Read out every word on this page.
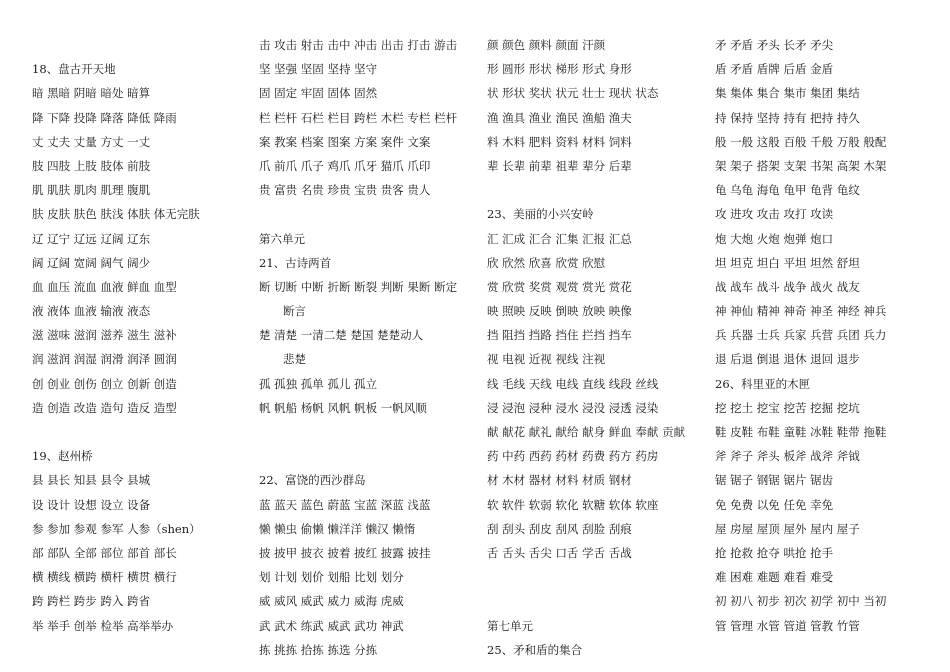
18、盘古开天地
暗 黑暗 阴暗 暗处 暗算
降 下降 投降 降落 降低 降雨
丈 丈夫 丈量 方丈 一丈
肢 四肢 上肢 肢体 前肢
肌 肌肤 肌肉 肌理 腹肌
肤 皮肤 肤色 肤浅 体肤 体无完肤
辽 辽宁 辽远 辽阔 辽东
阔 辽阔 宽阔 阔气 阔少
血 血压 流血 血液 鲜血 血型
液 液体 血液 输液 液态
滋 滋味 滋润 滋养 滋生 滋补
润 滋润 润湿 润滑 润泽 圆润
创 创业 创伤 创立 创新 创造
造 创造 改造 造句 造反 造型
19、赵州桥
县 县长 知县 县令 县城
设 设计 设想 设立 设备
参 参加 参观 参军 人参（shen）
部 部队 全部 部位 部首 部长
横 横线 横跨 横杆 横贯 横行
跨 跨栏 跨步 跨入 跨省
举 举手 创举 检举 高举举办
击 攻击 射击 击中 冲击 出击 打击 游击
坚 坚强 坚固 坚持 坚守
固 固定 牢固 固体 固然
栏 栏杆 石栏 栏目 跨栏 木栏 专栏 栏杆
案 教案 档案 图案 方案 案件 文案
爪 前爪 爪子 鸡爪 爪牙 猫爪 爪印
贵 富贵 名贵 珍贵 宝贵 贵客 贵人
第六单元
21、古诗两首
断 切断 中断 折断 断裂 判断 果断 断定
断言
楚 清楚 一清二楚 楚国 楚楚动人
悲楚
孤 孤独 孤单 孤儿 孤立
帆 帆船 杨帆 风帆 帆板 一帆风顺
22、富饶的西沙群岛
蓝 蓝天 蓝色 蔚蓝 宝蓝 深蓝 浅蓝
懒 懒虫 偷懒 懒洋洋 懒汉 懒惰
披 披甲 披衣 披着 披红 披露 披挂
划 计划 划价 划船 比划 划分
威 威风 威武 威力 威海 虎威
武 武术 练武 威武 武功 神武
拣 挑拣 拾拣 拣选 分拣
颜 颜色 颜料 颜面 汗颜
形 圆形 形状 梯形 形式 身形
状 形状 奖状 状元 壮士 现状 状态
渔 渔具 渔业 渔民 渔船 渔夫
料 木料 肥料 资料 材料 饲料
辈 长辈 前辈 祖辈 辈分 后辈
23、美丽的小兴安岭
汇 汇成 汇合 汇集 汇报 汇总
欣 欣然 欣喜 欣赏 欣慰
赏 欣赏 奖赏 观赏 赏光 赏花
映 照映 反映 倒映 放映 映像
挡 阻挡 挡路 挡住 拦挡 挡车
视 电视 近视 视线 注视
线 毛线 天线 电线 直线 线段 丝线
浸 浸泡 浸种 浸水 浸没 浸透 浸染
献 献花 献礼 献给 献身 鲜血 奉献 贡献
药 中药 西药 药材 药费 药方 药房
材 木材 器材 材料 材质 钢材
软 软件 软弱 软化 软糖 软体 软座
刮 刮头 刮皮 刮风 刮脸 刮痕
舌 舌头 舌尖 口舌 学舌 舌战
第七单元
25、矛和盾的集合
矛 矛盾 矛头 长矛 矛尖
盾 矛盾 盾牌 后盾 金盾
集 集体 集合 集市 集团 集结
持 保持 坚持 持有 把持 持久
般 一般 这般 百般 千般 万般 般配
架 架子 搭架 支架 书架 高架 木架
龟 乌龟 海龟 龟甲 龟背 龟纹
攻 进攻 攻击 攻打 攻读
炮 大炮 火炮 炮弹 炮口
坦 坦克 坦白 平坦 坦然 舒坦
战 战车 战斗 战争 战火 战友
神 神仙 精神 神奇 神圣 神经 神兵
兵 兵器 士兵 兵家 兵营 兵团 兵力
退 后退 倒退 退休 退回 退步
26、科里亚的木匣
挖 挖土 挖宝 挖苦 挖掘 挖坑
鞋 皮鞋 布鞋 童鞋 冰鞋 鞋带 拖鞋
斧 斧子 斧头 板斧 战斧 斧钺
锯 锯子 钢锯 锯片 锯齿
免 免费 以免 任免 幸免
屋 房屋 屋顶 屋外 屋内 屋子
抢 抢救 抢夺 哄抢 抢手
难 困难 难题 难看 难受
初 初八 初步 初次 初学 初中 当初
管 管理 水管 管道 管教 竹管
